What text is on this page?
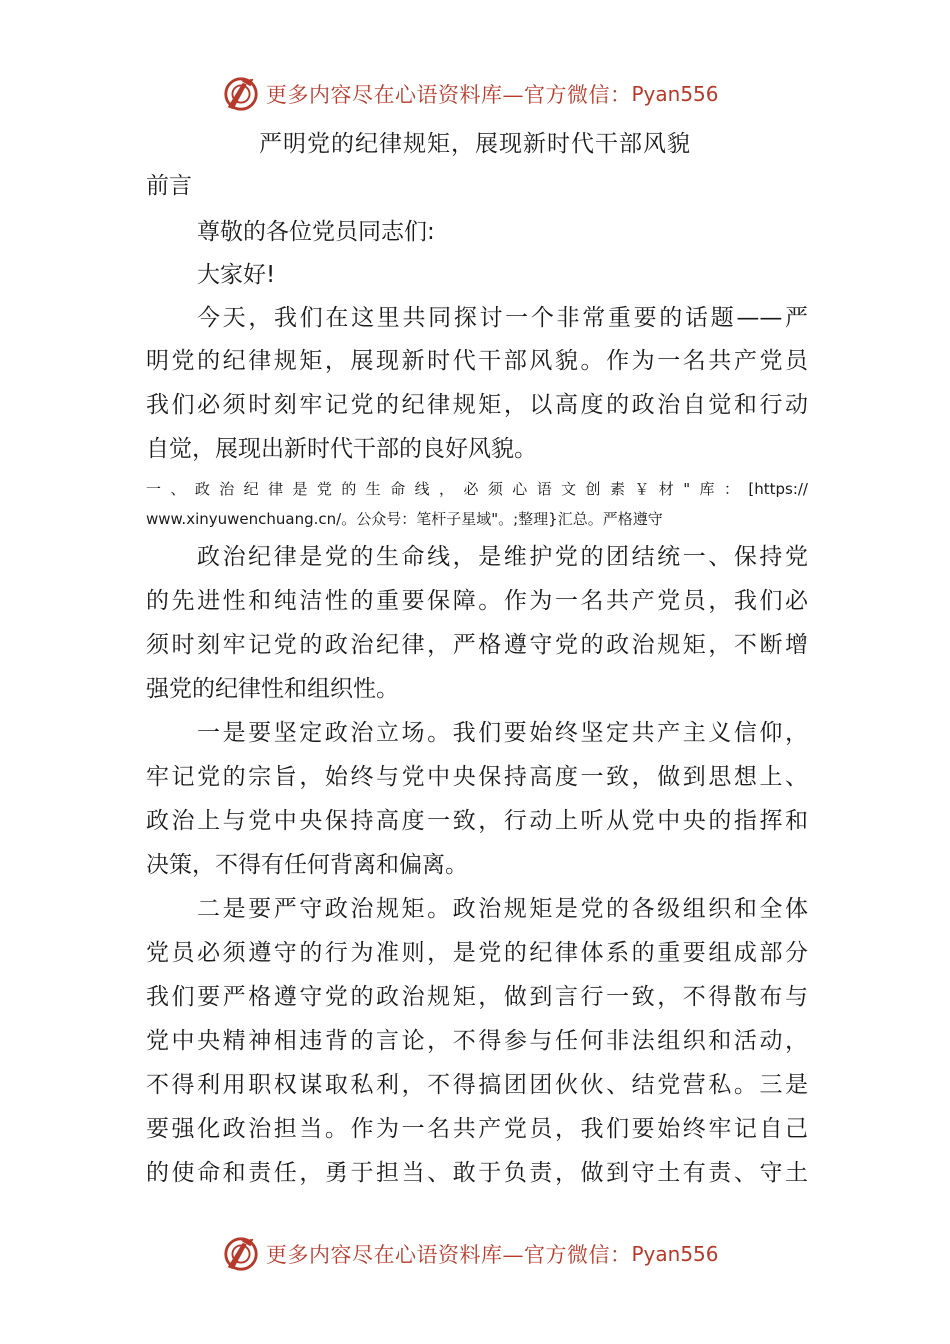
更多内容尽在心语资料库—官方微信： Pyan556
严明党的纪律规矩，展现新时代干部风貌

前言

尊敬的各位党员同志们:

大家好!

今天，我们在这里共同探讨一个非常重要的话题——严

明党的纪律规矩，展现新时代干部风貌。作为一名共产党员

我们必须时刻牢记党的纪律规矩，以高度的政治自觉和行动

自觉，展现出新时代干部的良好风貌。

一、政治纪律是党的生命线，必须心语文创素￥材"库：[https://

www.xinyuwenchuang.cn/。公众号：笔杆子星域"。;整理}汇总。严格遵守

政治纪律是党的生命线，是维护党的团结统一、保持党

的先进性和纯洁性的重要保障。作为一名共产党员，我们必

须时刻牢记党的政治纪律，严格遵守党的政治规矩，不断增

强党的纪律性和组织性。

一是要坚定政治立场。我们要始终坚定共产主义信仰，

牢记党的宗旨，始终与党中央保持高度一致，做到思想上、

政治上与党中央保持高度一致，行动上听从党中央的指挥和

决策，不得有任何背离和偏离。

二是要严守政治规矩。政治规矩是党的各级组织和全体

党员必须遵守的行为准则，是党的纪律体系的重要组成部分

我们要严格遵守党的政治规矩，做到言行一致，不得散布与

党中央精神相违背的言论，不得参与任何非法组织和活动，

不得利用职权谋取私利，不得搞团团伙伙、结党营私。三是

要强化政治担当。作为一名共产党员，我们要始终牢记自己

的使命和责任，勇于担当、敢于负责，做到守土有责、守土

更多内容尽在心语资料库—官方微信： Pyan556
